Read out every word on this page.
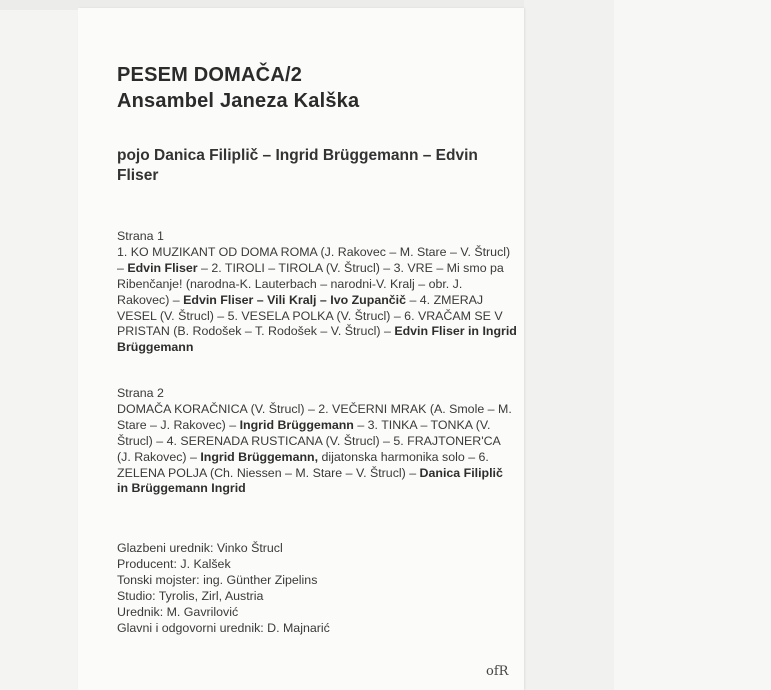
PESEM DOMAČA/2
Ansambel Janeza Kalška
pojo Danica Filiplič – Ingrid Brüggemann – Edvin Fliser

Strana 1

1. KO MUZIKANT OD DOMA ROMA (J. Rakovec – M. Stare – V. Štrucl) – Edvin Fliser – 2. TIROLI – TIROLA (V. Štrucl) – 3. VRE – Mi smo pa Ribenčanje! (narodna-K. Lauterbach – narodni-V. Kralj – obr. J. Rakovec) – Edvin Fliser – Vili Kralj – Ivo Zupančič – 4. ZMERAJ VESEL (V. Štrucl) – 5. VESELA POLKA (V. Štrucl) – 6. VRAČAM SE V PRISTAN (B. Rodošek – T. Rodošek – V. Štrucl) – Edvin Fliser in Ingrid Brüggemann

Strana 2

DOMAČA KORAČNICA (V. Štrucl) – 2. VEČERNI MRAK (A. Smole – M. Stare – J. Rakovec) – Ingrid Brüggemann – 3. TINKA – TONKA (V. Štrucl) – 4. SERENADA RUSTICANA (V. Štrucl) – 5. FRAJTONER'CA (J. Rakovec) – Ingrid Brüggemann, dijatonska harmonika solo – 6. ZELENA POLJA (Ch. Niessen – M. Stare – V. Štrucl) – Danica Filiplič in Brüggemann Ingrid

Glazbeni urednik: Vinko Štrucl
Producent: J. Kalšek
Tonski mojster: ing. Günther Zipelins
Studio: Tyrolis, Zirl, Austria
Urednik: M. Gavrilović
Glavni i odgovorni urednik: D. Majnarić
ofR
